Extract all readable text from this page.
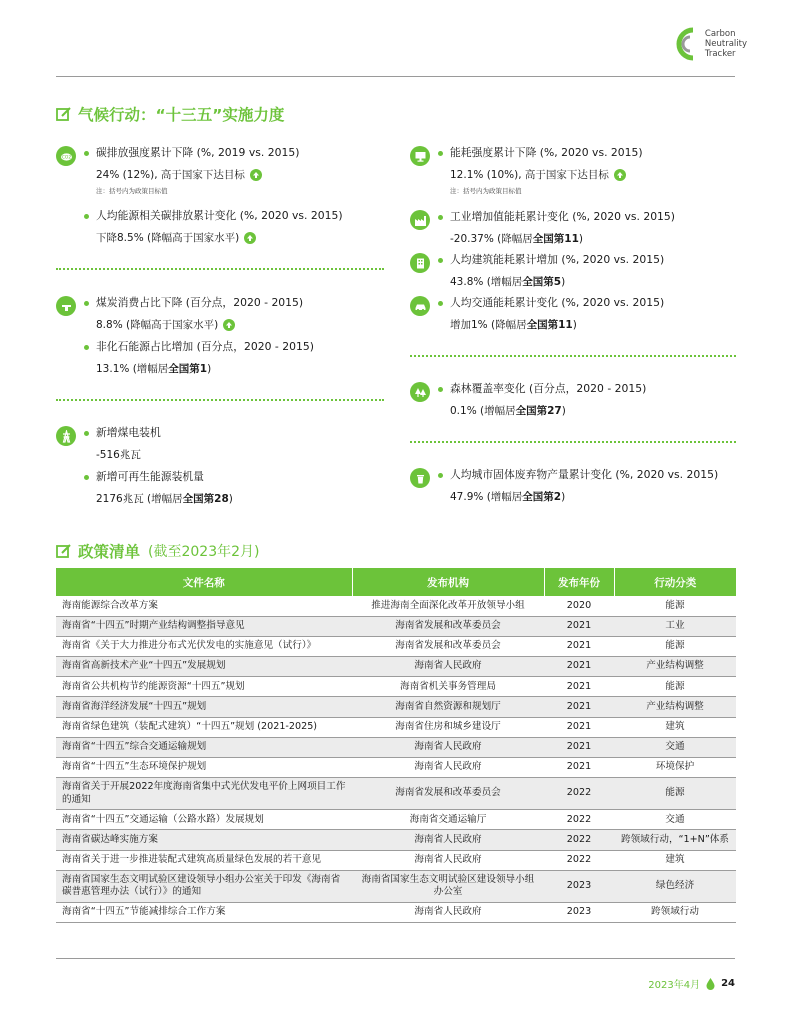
Carbon
Neutrality
Tracker
气候行动：“十三五”实施力度
CO2 碳排放强度累计下降 (%, 2019 vs. 2015)
24% (12%), 高于国家下达目标
注：括号内为政策目标值
人均能源相关碳排放累计变化 (%, 2020 vs. 2015)
下降8.5% (降幅高于国家水平)
煤炭消费占比下降 (百分点，2020 - 2015)
8.8% (降幅高于国家水平)
非化石能源占比增加 (百分点，2020 - 2015)
13.1% (增幅居 全国第1 )
新增煤电装机
-516兆瓦
新增可再生能源装机量
2176兆瓦 (增幅居 全国第28 )
能耗强度累计下降 (%, 2020 vs. 2015)
12.1% (10%), 高于国家下达目标
注：括号内为政策目标值
工业增加值能耗累计变化 (%, 2020 vs. 2015)
-20.37% (降幅居 全国第11 )
人均建筑能耗累计增加 (%, 2020 vs. 2015)
43.8% (增幅居 全国第5 )
人均交通能耗累计变化 (%, 2020 vs. 2015)
增加1% (降幅居 全国第11 )
森林覆盖率变化 (百分点，2020 - 2015)
0.1% (增幅居 全国第27 )
人均城市固体废弃物产量累计变化 (%, 2020 vs. 2015)
47.9% (增幅居 全国第2 )
政策清单 (截至2023年2月)
文件名称	发布机构	发布年份	行动分类
海南能源综合改革方案	推进海南全面深化改革开放领导小组	2020	能源
海南省“十四五”时期产业结构调整指导意见	海南省发展和改革委员会	2021	工业
海南省《关于大力推进分布式光伏发电的实施意见（试行）》	海南省发展和改革委员会	2021	能源
海南省高新技术产业“十四五”发展规划	海南省人民政府	2021	产业结构调整
海南省公共机构节约能源资源“十四五”规划	海南省机关事务管理局	2021	能源
海南省海洋经济发展“十四五”规划	海南省自然资源和规划厅	2021	产业结构调整
海南省绿色建筑（装配式建筑）“十四五”规划 (2021-2025)	海南省住房和城乡建设厅	2021	建筑
海南省“十四五”综合交通运输规划	海南省人民政府	2021	交通
海南省“十四五”生态环境保护规划	海南省人民政府	2021	环境保护
海南省关于开展2022年度海南省集中式光伏发电平价上网项目工作的通知	海南省发展和改革委员会	2022	能源
海南省“十四五”交通运输（公路水路）发展规划	海南省交通运输厅	2022	交通
海南省碳达峰实施方案	海南省人民政府	2022	跨领域行动，“1+N”体系
海南省关于进一步推进装配式建筑高质量绿色发展的若干意见	海南省人民政府	2022	建筑
海南省国家生态文明试验区建设领导小组办公室关于印发《海南省碳普惠管理办法（试行）》的通知	海南省国家生态文明试验区建设领导小组办公室	2023	绿色经济
海南省“十四五”节能减排综合工作方案	海南省人民政府	2023	跨领域行动
2023年4月 24
